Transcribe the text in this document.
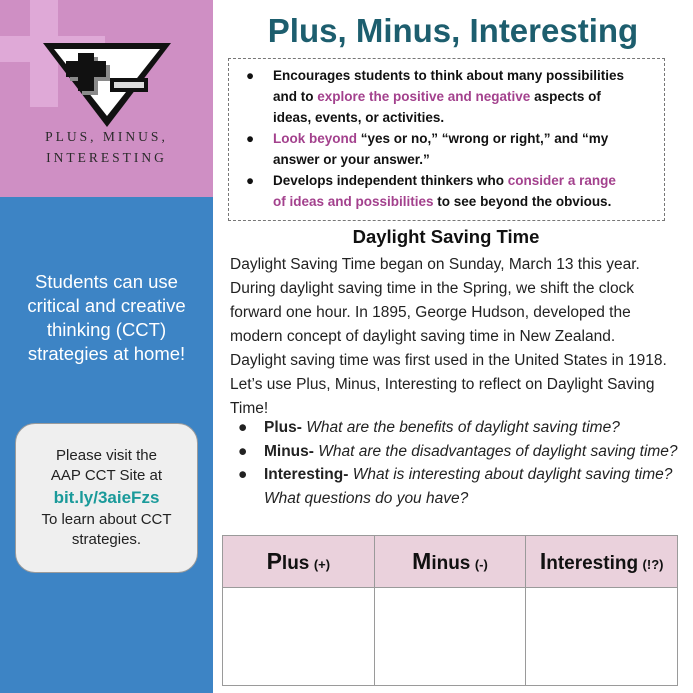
PLUS, MINUS,
INTERESTING
Students can use critical and creative thinking (CCT) strategies at home!
Please visit the
AAP CCT Site at
bit.ly/3aieFzs
To learn about CCT
strategies.
Plus, Minus, Interesting
● Encourages students to think about many possibilities
and to explore the positive and negative aspects of
ideas, events, or activities.
● Look beyond “yes or no,” “wrong or right,” and “my
answer or your answer.”
● Develops independent thinkers who consider a range
of ideas and possibilities to see beyond the obvious.
Daylight Saving Time
Daylight Saving Time began on Sunday, March 13 this year. During daylight saving time in the Spring, we shift the clock forward one hour. In 1895, George Hudson, developed the modern concept of daylight saving time in New Zealand. Daylight saving time was first used in the United States in 1918. Let’s use Plus, Minus, Interesting to reflect on Daylight Saving Time!
● Plus- What are the benefits of daylight saving time?
● Minus- What are the disadvantages of daylight saving time?
● Interesting- What is interesting about daylight saving time? What questions do you have?
Plus (+)	Minus (-)	Interesting (!?)
